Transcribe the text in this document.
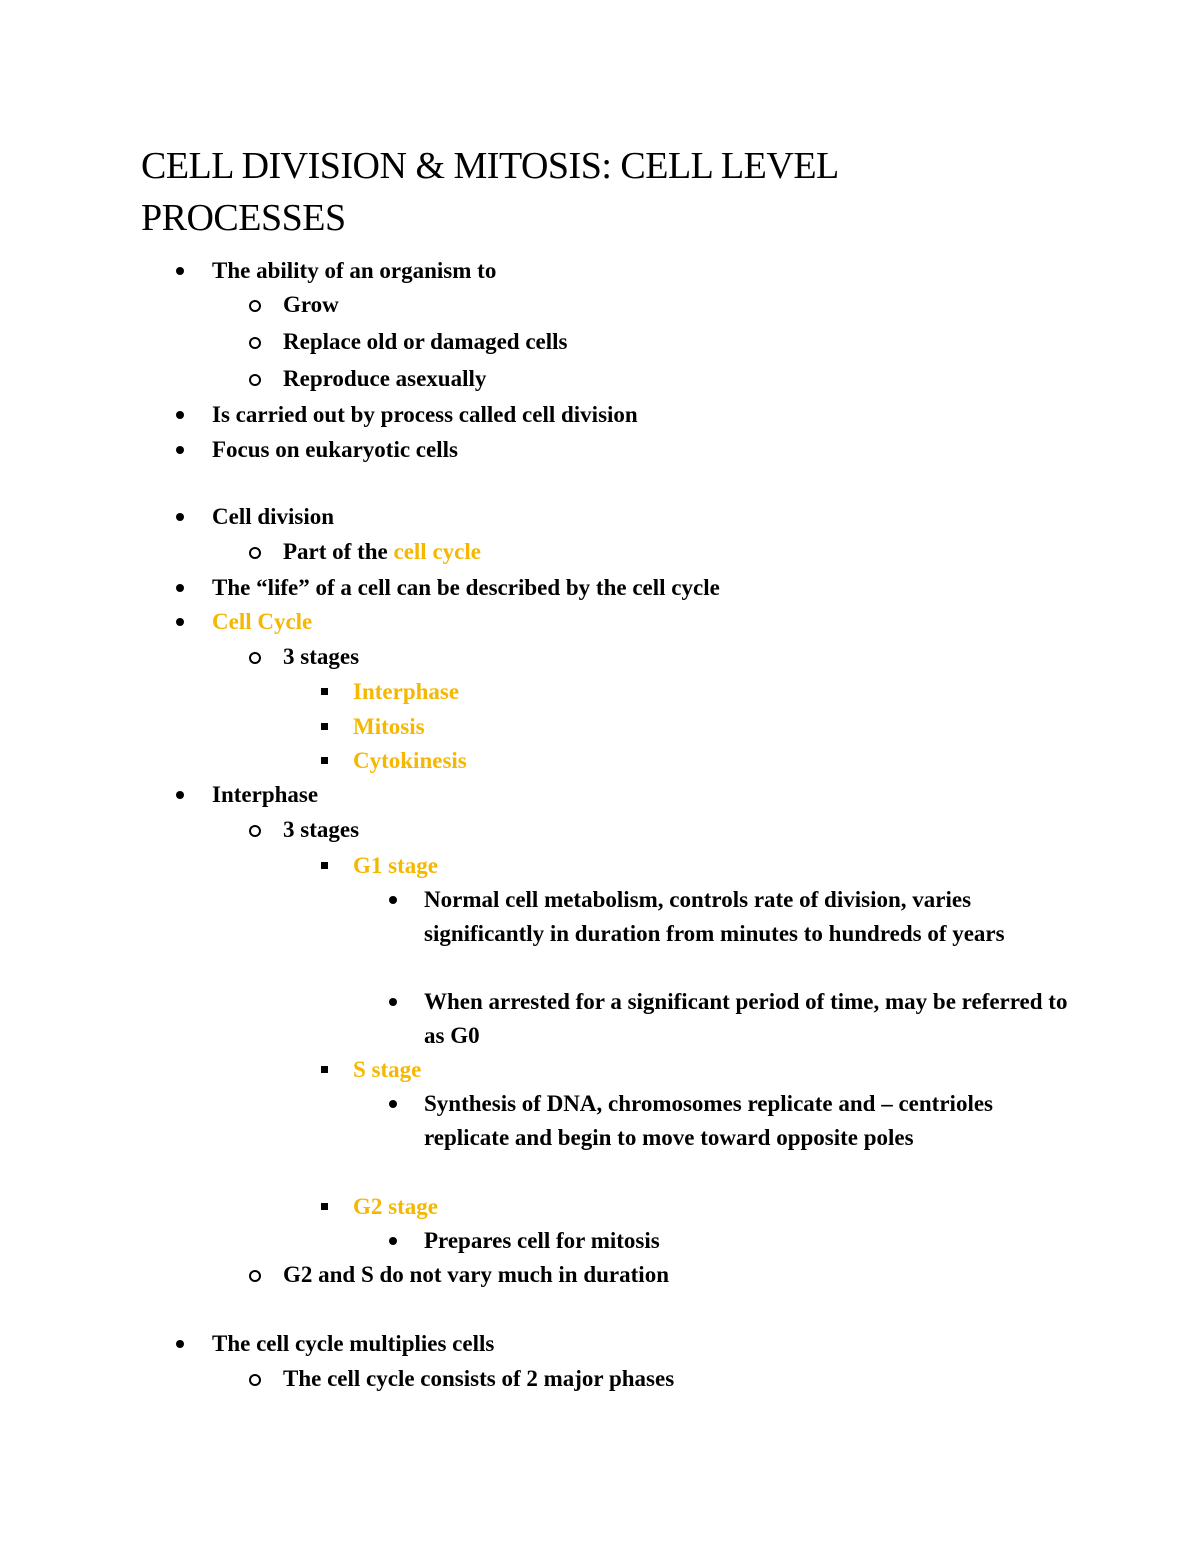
CELL DIVISION & MITOSIS: CELL LEVEL PROCESSES
The ability of an organism to
Grow
Replace old or damaged cells
Reproduce asexually
Is carried out by process called cell division
Focus on eukaryotic cells
Cell division
Part of the cell cycle
The “life” of a cell can be described by the cell cycle
Cell Cycle
3 stages
Interphase
Mitosis
Cytokinesis
Interphase
3 stages
G1 stage
Normal cell metabolism, controls rate of division, varies significantly in duration from minutes to hundreds of years
When arrested for a significant period of time, may be referred to as G0
S stage
Synthesis of DNA, chromosomes replicate and – centrioles replicate and begin to move toward opposite poles
G2 stage
Prepares cell for mitosis
G2 and S do not vary much in duration
The cell cycle multiplies cells
The cell cycle consists of 2 major phases
